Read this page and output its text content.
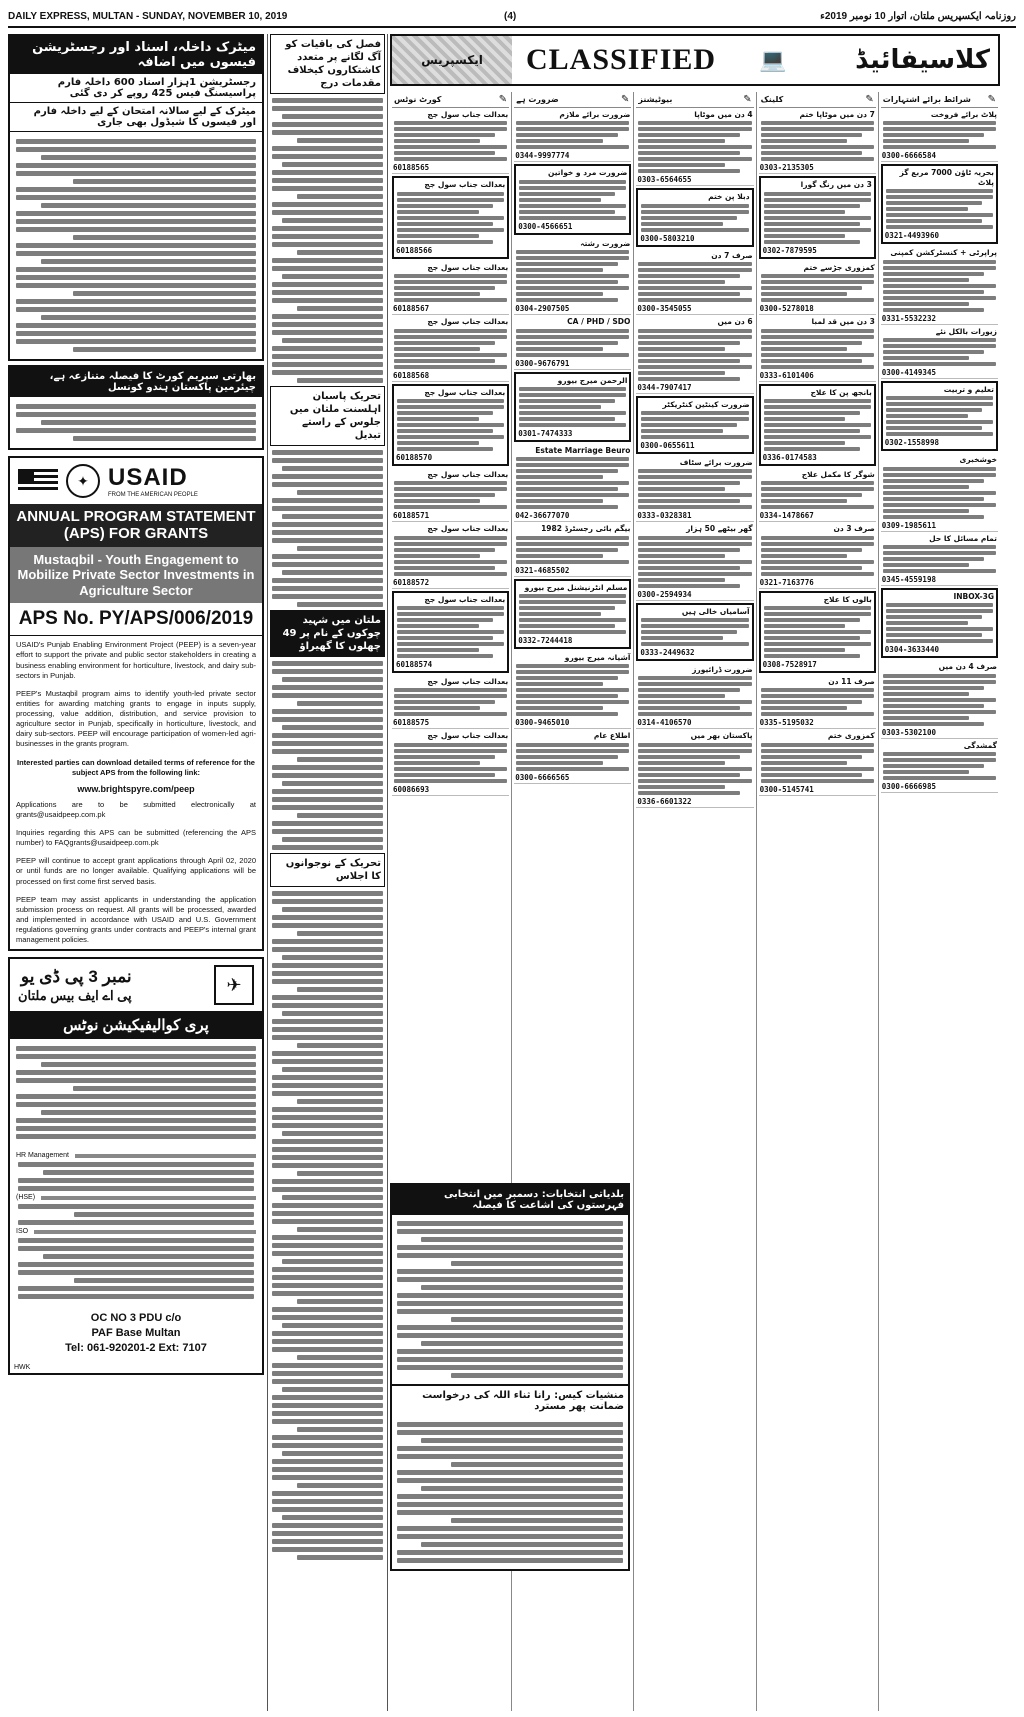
DAILY EXPRESS, MULTAN - SUNDAY, NOVEMBER 10, 2019	(4)	روزنامہ ایکسپریس ملتان، اتوار 10 نومبر 2019ء
میٹرک داخلہ، اسناد اور رجسٹریشن فیسوں میں اضافہ
رجسٹریشن 1ہزار اسناد 600 داخلہ فارم پراسیسنگ فیس 425 روپے کر دی گئی
میٹرک کے لیے سالانہ امتحان کے لیے داخلہ فارم اور فیسوں کا شیڈول بھی جاری
بھارتی سپریم کورٹ کا فیصلہ متنازعہ ہے، چیئرمین پاکستان ہندو کونسل
✦ USAID
FROM THE AMERICAN PEOPLE
ANNUAL PROGRAM STATEMENT (APS) FOR GRANTS
Mustaqbil - Youth Engagement to Mobilize Private Sector Investments in Agriculture Sector
APS No. PY/APS/006/2019
USAID's Punjab Enabling Environment Project (PEEP) is a seven-year effort to support the private and public sector stakeholders in creating a business enabling environment for horticulture, livestock, and dairy sub-sectors in Punjab.
PEEP's Mustaqbil program aims to identify youth-led private sector entities for awarding matching grants to engage in inputs supply, processing, value addition, distribution, and service provision to agriculture sector in Punjab, specifically in horticulture, livestock, and dairy sub-sectors. PEEP will encourage participation of women-led agri-businesses in the grants program.
Interested parties can download detailed terms of reference for the subject APS from the following link:
www.brightspyre.com/peep
Applications are to be submitted electronically at grants@usaidpeep.com.pk
Inquiries regarding this APS can be submitted (referencing the APS number) to FAQgrants@usaidpeep.com.pk
PEEP will continue to accept grant applications through April 02, 2020 or until funds are no longer available. Qualifying applications will be processed on first come first served basis.
PEEP team may assist applicants in understanding the application submission process on request. All grants will be processed, awarded and implemented in accordance with USAID and U.S. Government regulations governing grants under contracts and PEEP's internal grant management policies.
نمبر 3 پی ڈی یو
پی اے ایف بیس ملتان
✈
پری کوالیفیکیشن نوٹس
HR Management
(HSE)
ISO
OC NO 3 PDU c/o
PAF Base Multan
Tel: 061-920201-2 Ext: 7107
HWK
فصل کی باقیات کو آگ لگانے پر متعدد کاشتکاروں کیخلاف مقدمات درج
تحریک پاسبان اہلسنت ملتان میں جلوس کے راستے تبدیل
ملتان میں شہید چوکوں کے نام پر 49 چھلوں کا گھیراؤ
تحریک کے نوجوانوں کا اجلاس
ایکسپریس	CLASSIFIED	💻	کلاسیفائیڈ
✎
شرائط برائے اشتہارات
پلاٹ برائے فروخت
0300-6666584
بحریہ ٹاؤن 7000 مربع گز پلاٹ
0321-4493960
پراپرٹی + کنسٹرکشن کمپنی
0331-5532232
زیورات بالکل نئے
0300-4149345
تعلیم و تربیت
0302-1558998
خوشخبری
0309-1985611
تمام مسائل کا حل
0345-4559198
INBOX-3G
0304-3633440
صرف 4 دن میں
0303-5302100
گمشدگی
0300-6666985
✎
کلینک
7 دن میں موٹاپا ختم
0303-2135305
3 دن میں رنگ گورا
0302-7879595
کمزوری جڑسے ختم
0300-5278018
3 دن میں قد لمبا
0333-6101406
بانجھ پن کا علاج
0336-0174583
شوگر کا مکمل علاج
0334-1478667
صرف 3 دن
0321-7163776
بالوں کا علاج
0308-7528917
صرف 11 دن
0335-5195032
کمزوری ختم
0300-5145741
✎
بیوٹیشنز
4 دن میں موٹاپا
0303-6564655
دبلا پن ختم
0300-5803210
صرف 7 دن
0300-3545055
6 دن میں
0344-7907417
ضرورت کینٹین کنٹریکٹر
0300-0655611
ضرورت برائے سٹاف
0333-0328381
گھر بیٹھے 50 ہزار
0300-2594934
آسامیاں خالی ہیں
0333-2449632
ضرورت ڈرائیورز
0314-4106570
پاکستان بھر میں
0336-6601322
✎
ضرورت ہے
ضرورت برائے ملازم
0344-9997774
ضرورت مرد و خواتین
0300-4566651
ضرورت رشتہ
0304-2907505
CA / PHD / SDO
0300-9676791
الرحمن میرج بیورو
0301-7474333
Estate Marriage Beuro
042-36677070
بیگم بائی رجسٹرڈ 1982
0321-4685502
مسلم انٹرنیشنل میرج بیورو
0332-7244418
آشیانہ میرج بیورو
0300-9465010
اطلاع عام
0300-6666565
✎
کورٹ نوٹس
بعدالت جناب سول جج
60188565
بعدالت جناب سول جج
60188566
بعدالت جناب سول جج
60188567
بعدالت جناب سول جج
60188568
بعدالت جناب سول جج
60188570
بعدالت جناب سول جج
60188571
بعدالت جناب سول جج
60188572
بعدالت جناب سول جج
60188574
بعدالت جناب سول جج
60188575
بعدالت جناب سول جج
60086693
بلدیاتی انتخابات: دسمبر میں انتخابی فہرستوں کی اشاعت کا فیصلہ
منشیات کیس: رانا ثناء اللہ کی درخواست ضمانت پھر مسترد
